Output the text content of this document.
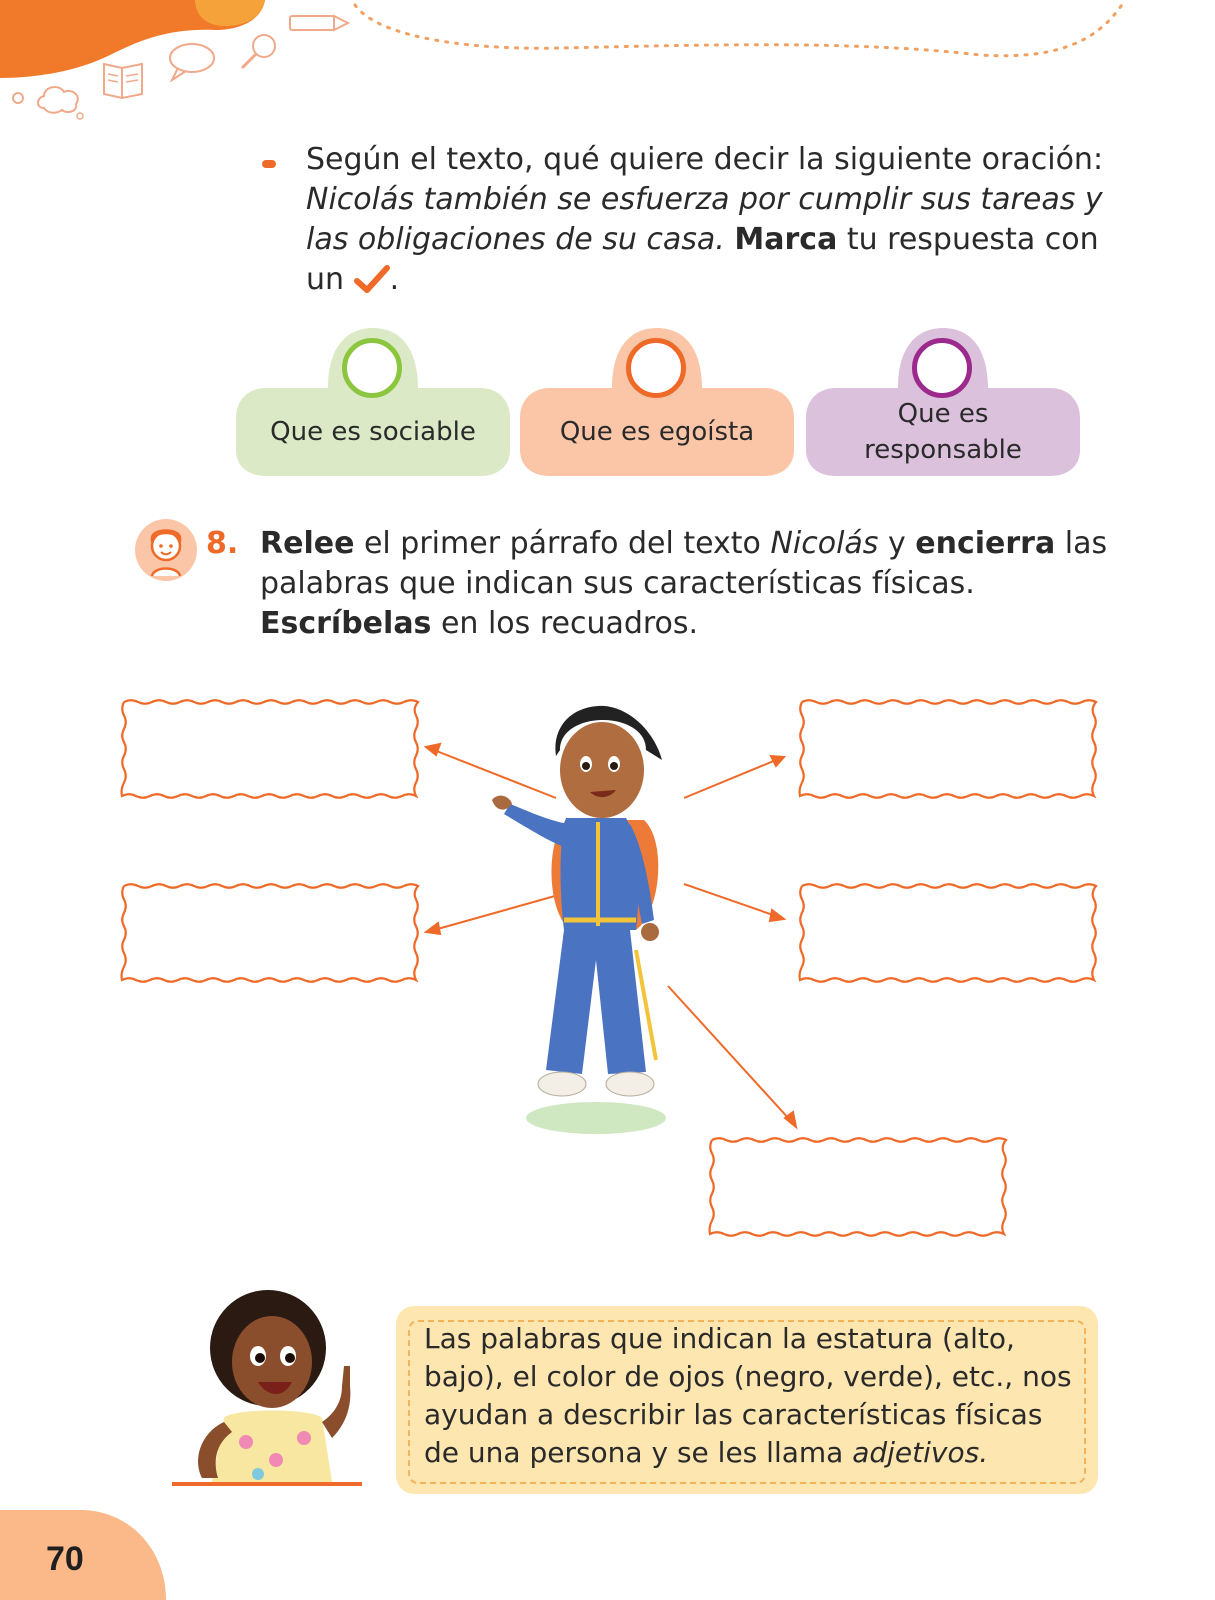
Según el texto, qué quiere decir la siguiente oración: Nicolás también se esfuerza por cumplir sus tareas y las obligaciones de su casa. Marca tu respuesta con un .
Que es sociable	Que es egoísta
Que es
responsable
8. Relee el primer párrafo del texto Nicolás y encierra las palabras que indican sus características físicas. Escríbelas en los recuadros.
Las palabras que indican la estatura (alto, bajo), el color de ojos (negro, verde), etc., nos ayudan a describir las características físicas de una persona y se les llama adjetivos.
70
